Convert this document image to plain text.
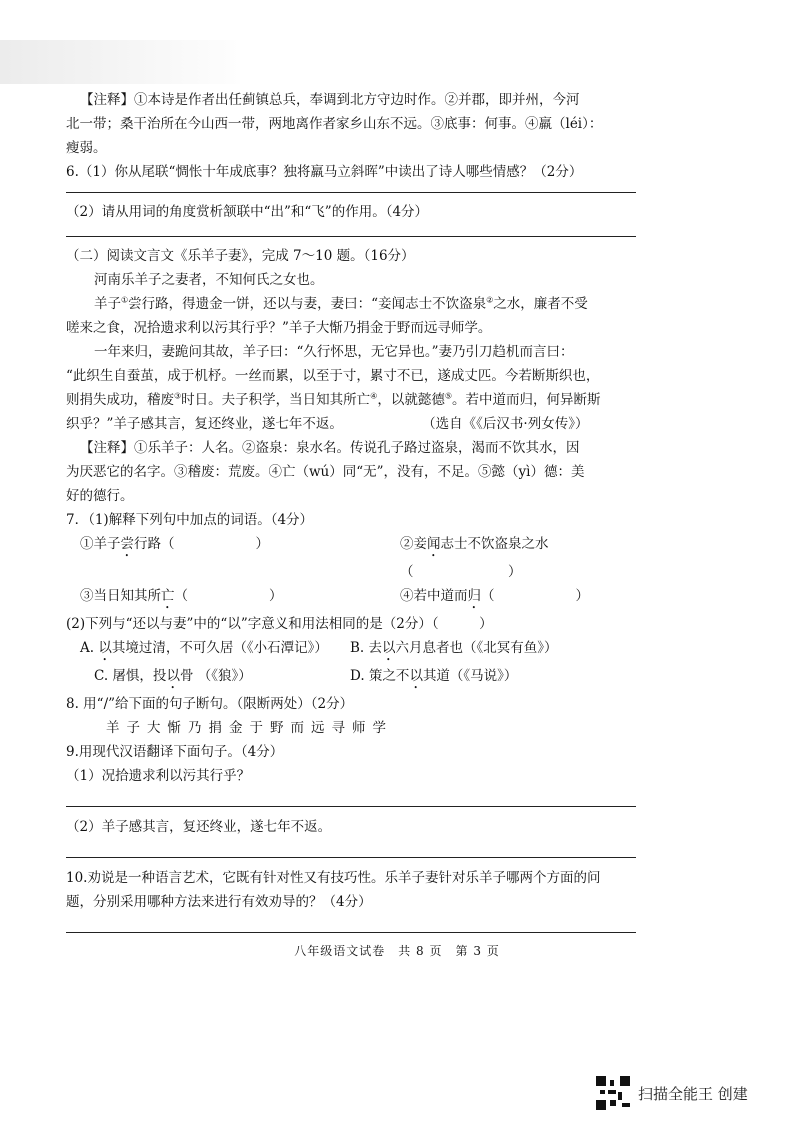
【注释】①本诗是作者出任蓟镇总兵，奉调到北方守边时作。②并郡，即并州，今河

北一带；桑干治所在今山西一带，两地离作者家乡山东不远。③底事：何事。④羸（léi）：

瘦弱。

6.（1）你从尾联“惆怅十年成底事？独将羸马立斜晖”中读出了诗人哪些情感？（2分）

（2）请从用词的角度赏析颔联中“出”和“飞”的作用。（4分）

（二）阅读文言文《乐羊子妻》，完成 7～10 题。（16分）

河南乐羊子之妻者，不知何氏之女也。

羊子①尝行路，得遗金一饼，还以与妻，妻曰：“妾闻志士不饮盗泉②之水，廉者不受

嗟来之食，况拾遗求利以污其行乎？”羊子大惭乃捐金于野而远寻师学。

一年来归，妻跪问其故，羊子曰：“久行怀思，无它异也。”妻乃引刀趋机而言曰：

“此织生自蚕茧，成于机杼。一丝而累，以至于寸，累寸不已，遂成丈匹。今若断斯织也，

则捐失成功，稽废③时日。夫子积学，当日知其所亡④，以就懿德⑤。若中道而归，何异断斯

织乎？”羊子感其言，复还终业，遂七年不返。	（选自《《后汉书·列女传》）

【注释】①乐羊子：人名。②盗泉：泉水名。传说孔子路过盗泉，渴而不饮其水，因

为厌恶它的名字。③稽废：荒废。④亡（wú）同“无”，没有，不足。⑤懿（yì）德：美

好的德行。

7．（1)解释下列句中加点的词语。（4分）

①羊子尝行路（　　　　　　）	②妾闻志士不饮盗泉之水（　　　　　　　）
③当日知其所亡（　　　　　　）	④若中道而归（　　　　　　）

(2)下列与“还以与妻”中的“以”字意义和用法相同的是（2分）（　　　）

A. 以其境过清，不可久居（《小石潭记》）	B. 去以六月息者也（《北冥有鱼》）
C. 屠惧，投以骨 （《狼》）	D. 策之不以其道（《马说》）

8. 用“/”给下面的句子断句。（限断两处）（2分）

羊子大惭乃捐金于野而远寻师学

9.用现代汉语翻译下面句子。（4分）

（1）况拾遗求利以污其行乎？

（2）羊子感其言，复还终业，遂七年不返。

10.劝说是一种语言艺术，它既有针对性又有技巧性。乐羊子妻针对乐羊子哪两个方面的问

题，分别采用哪种方法来进行有效劝导的？（4分）

八年级语文试卷　共 8 页　第 3 页
扫描全能王 创建
